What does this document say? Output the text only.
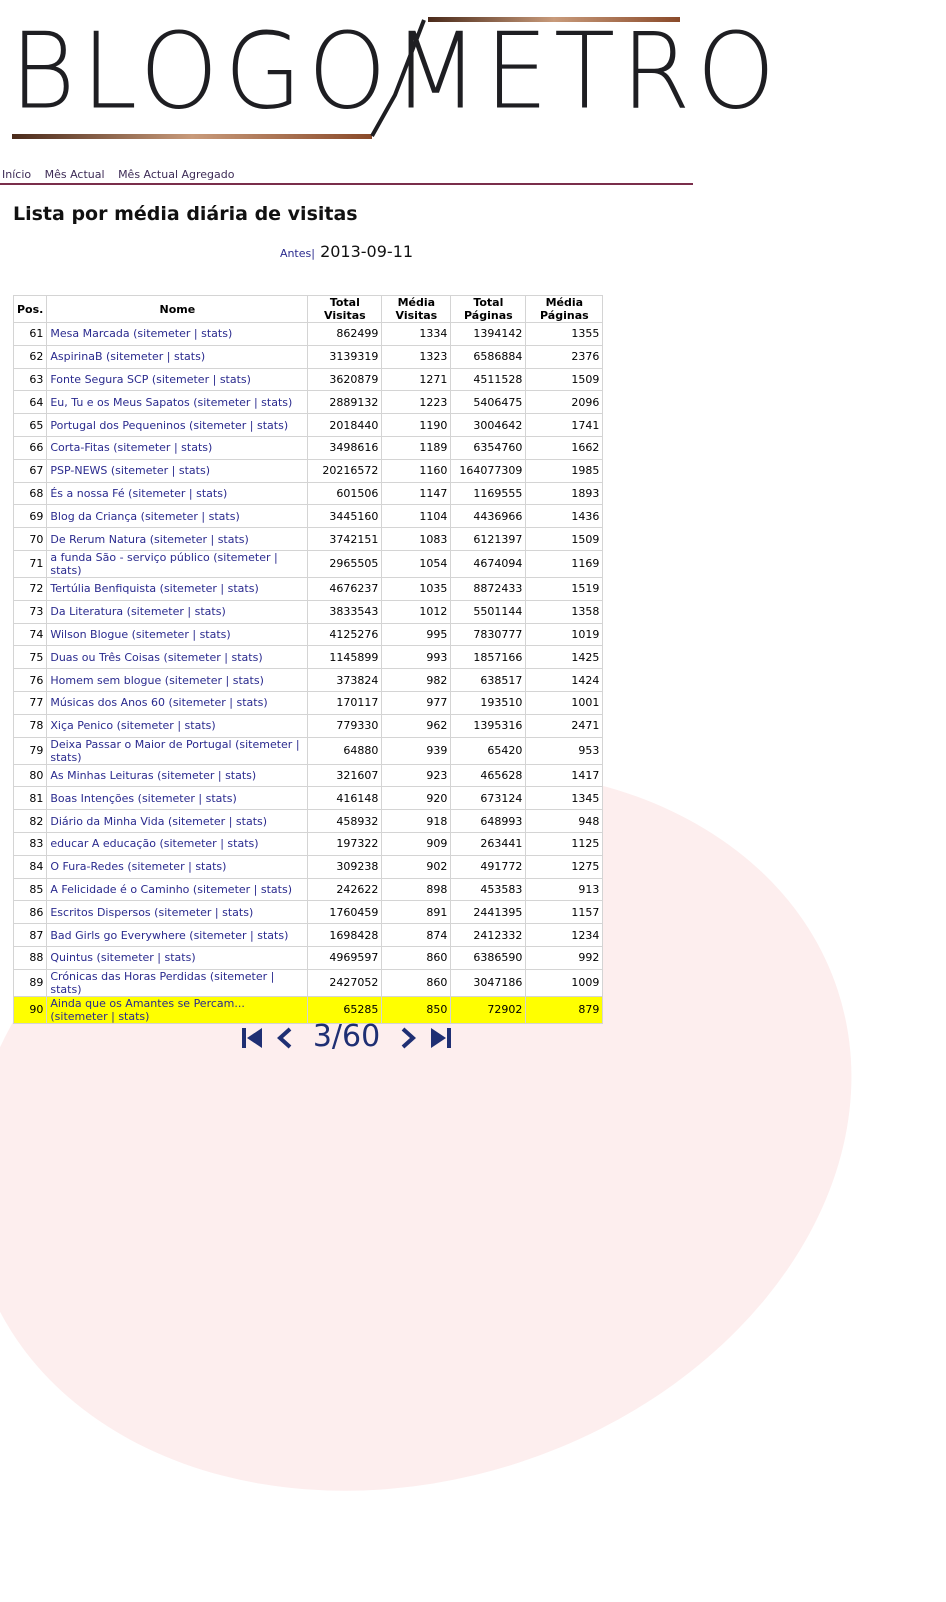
BLOGOMETRO
Início Mês Actual Mês Actual Agregado
Lista por média diária de visitas
Antes| 2013-09-11
Pos.	Nome	Total Visitas	Média Visitas	Total Páginas	Média Páginas
61	Mesa Marcada (sitemeter | stats)	862499	1334	1394142	1355
62	AspirinaB (sitemeter | stats)	3139319	1323	6586884	2376
63	Fonte Segura SCP (sitemeter | stats)	3620879	1271	4511528	1509
64	Eu, Tu e os Meus Sapatos (sitemeter | stats)	2889132	1223	5406475	2096
65	Portugal dos Pequeninos (sitemeter | stats)	2018440	1190	3004642	1741
66	Corta-Fitas (sitemeter | stats)	3498616	1189	6354760	1662
67	PSP-NEWS (sitemeter | stats)	20216572	1160	164077309	1985
68	És a nossa Fé (sitemeter | stats)	601506	1147	1169555	1893
69	Blog da Criança (sitemeter | stats)	3445160	1104	4436966	1436
70	De Rerum Natura (sitemeter | stats)	3742151	1083	6121397	1509
71	a funda São - serviço público (sitemeter | stats)	2965505	1054	4674094	1169
72	Tertúlia Benfiquista (sitemeter | stats)	4676237	1035	8872433	1519
73	Da Literatura (sitemeter | stats)	3833543	1012	5501144	1358
74	Wilson Blogue (sitemeter | stats)	4125276	995	7830777	1019
75	Duas ou Três Coisas (sitemeter | stats)	1145899	993	1857166	1425
76	Homem sem blogue (sitemeter | stats)	373824	982	638517	1424
77	Músicas dos Anos 60 (sitemeter | stats)	170117	977	193510	1001
78	Xiça Penico (sitemeter | stats)	779330	962	1395316	2471
79	Deixa Passar o Maior de Portugal (sitemeter | stats)	64880	939	65420	953
80	As Minhas Leituras (sitemeter | stats)	321607	923	465628	1417
81	Boas Intenções (sitemeter | stats)	416148	920	673124	1345
82	Diário da Minha Vida (sitemeter | stats)	458932	918	648993	948
83	educar A educação (sitemeter | stats)	197322	909	263441	1125
84	O Fura-Redes (sitemeter | stats)	309238	902	491772	1275
85	A Felicidade é o Caminho (sitemeter | stats)	242622	898	453583	913
86	Escritos Dispersos (sitemeter | stats)	1760459	891	2441395	1157
87	Bad Girls go Everywhere (sitemeter | stats)	1698428	874	2412332	1234
88	Quintus (sitemeter | stats)	4969597	860	6386590	992
89	Crónicas das Horas Perdidas (sitemeter | stats)	2427052	860	3047186	1009
90	Ainda que os Amantes se Percam... (sitemeter | stats)	65285	850	72902	879
3/60
